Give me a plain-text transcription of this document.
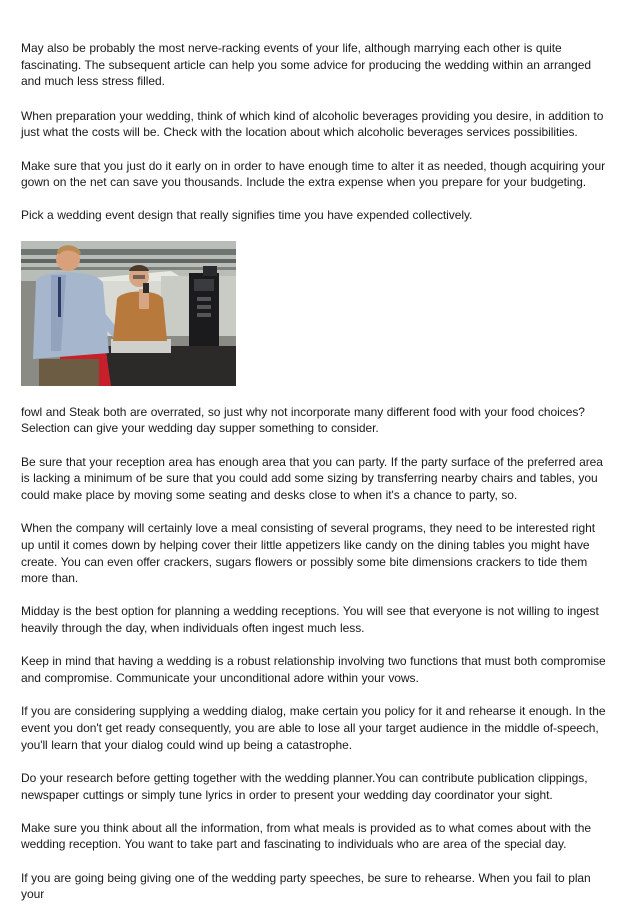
May also be probably the most nerve-racking events of your life, although marrying each other is quite fascinating. The subsequent article can help you some advice for producing the wedding within an arranged and much less stress filled.

When preparation your wedding, think of which kind of alcoholic beverages providing you desire, in addition to just what the costs will be. Check with the location about which alcoholic beverages services possibilities.

Make sure that you just do it early on in order to have enough time to alter it as needed, though acquiring your gown on the net can save you thousands. Include the extra expense when you prepare for your budgeting.

Pick a wedding event design that really signifies time you have expended collectively.

fowl and Steak both are overrated, so just why not incorporate many different food with your food choices? Selection can give your wedding day supper something to consider.

Be sure that your reception area has enough area that you can party. If the party surface of the preferred area is lacking a minimum of be sure that you could add some sizing by transferring nearby chairs and tables, you could make place by moving some seating and desks close to when it's a chance to party, so.

When the company will certainly love a meal consisting of several programs, they need to be interested right up until it comes down by helping cover their little appetizers like candy on the dining tables you might have create. You can even offer crackers, sugars flowers or possibly some bite dimensions crackers to tide them more than.

Midday is the best option for planning a wedding receptions. You will see that everyone is not willing to ingest heavily through the day, when individuals often ingest much less.

Keep in mind that having a wedding is a robust relationship involving two functions that must both compromise and compromise. Communicate your unconditional adore within your vows.

If you are considering supplying a wedding dialog, make certain you policy for it and rehearse it enough. In the event you don't get ready consequently, you are able to lose all your target audience in the middle of-speech, you'll learn that your dialog could wind up being a catastrophe.

Do your research before getting together with the wedding planner.You can contribute publication clippings, newspaper cuttings or simply tune lyrics in order to present your wedding day coordinator your sight.

Make sure you think about all the information, from what meals is provided as to what comes about with the wedding reception. You want to take part and fascinating to individuals who are area of the special day.

If you are going being giving one of the wedding party speeches, be sure to rehearse. When you fail to plan your
